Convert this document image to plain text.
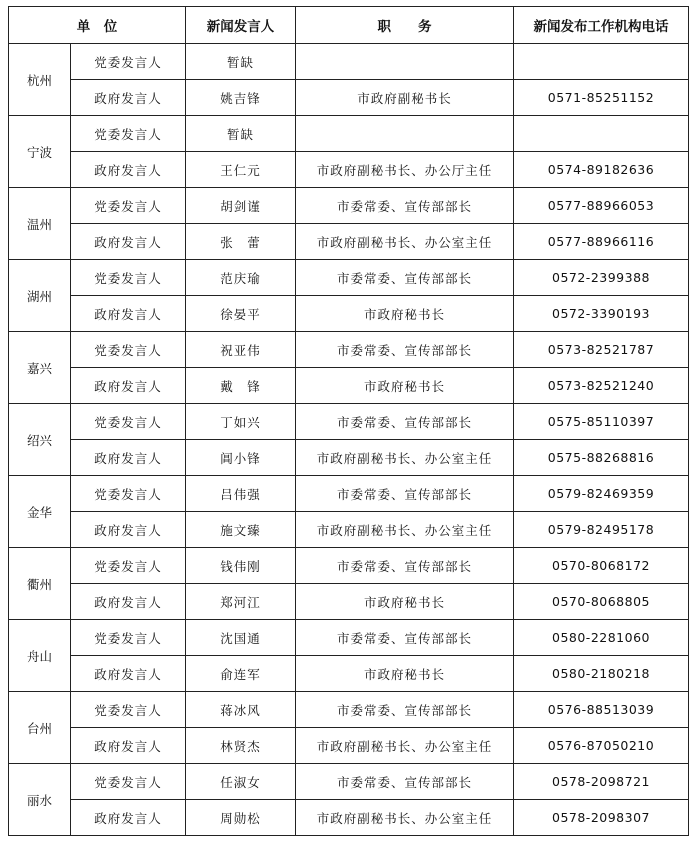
单　位		新闻发言人	职　　务	新闻发布工作机构电话
杭州	党委发言人	暂缺		
	政府发言人	姚吉锋	市政府副秘书长	0571-85251152
宁波	党委发言人	暂缺		
	政府发言人	王仁元	市政府副秘书长、办公厅主任	0574-89182636
温州	党委发言人	胡剑谨	市委常委、宣传部部长	0577-88966053
	政府发言人	张　蕾	市政府副秘书长、办公室主任	0577-88966116
湖州	党委发言人	范庆瑜	市委常委、宣传部部长	0572-2399388
	政府发言人	徐晏平	市政府秘书长	0572-3390193
嘉兴	党委发言人	祝亚伟	市委常委、宣传部部长	0573-82521787
	政府发言人	戴　锋	市政府秘书长	0573-82521240
绍兴	党委发言人	丁如兴	市委常委、宣传部部长	0575-85110397
	政府发言人	阊小锋	市政府副秘书长、办公室主任	0575-88268816
金华	党委发言人	吕伟强	市委常委、宣传部部长	0579-82469359
	政府发言人	施文臻	市政府副秘书长、办公室主任	0579-82495178
衢州	党委发言人	钱伟刚	市委常委、宣传部部长	0570-8068172
	政府发言人	郑河江	市政府秘书长	0570-8068805
舟山	党委发言人	沈国通	市委常委、宣传部部长	0580-2281060
	政府发言人	俞连军	市政府秘书长	0580-2180218
台州	党委发言人	蒋冰风	市委常委、宣传部部长	0576-88513039
	政府发言人	林贤杰	市政府副秘书长、办公室主任	0576-87050210
丽水	党委发言人	任淑女	市委常委、宣传部部长	0578-2098721
	政府发言人	周勋松	市政府副秘书长、办公室主任	0578-2098307
